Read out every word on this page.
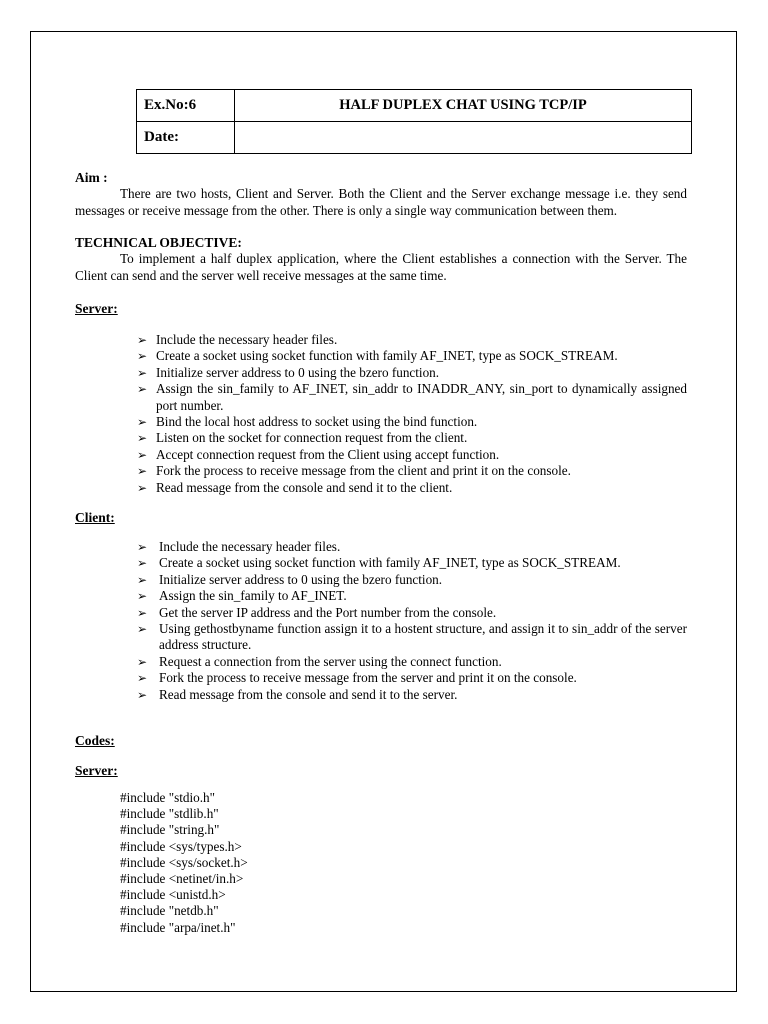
Ex.No:6	HALF DUPLEX CHAT USING TCP/IP
Date:	
Aim :
There are two hosts, Client and Server. Both the Client and the Server exchange message i.e. they send messages or receive message from the other. There is only a single way communication between them.
TECHNICAL OBJECTIVE:
To implement a half duplex application, where the Client establishes a connection with the Server. The Client can send and the server well receive messages at the same time.
Server:
➢ Include the necessary header files.
➢ Create a socket using socket function with family AF_INET, type as SOCK_STREAM.
➢ Initialize server address to 0 using the bzero function.
➢ Assign the sin_family to AF_INET, sin_addr to INADDR_ANY, sin_port to dynamically assigned port number.
➢ Bind the local host address to socket using the bind function.
➢ Listen on the socket for connection request from the client.
➢ Accept connection request from the Client using accept function.
➢ Fork the process to receive message from the client and print it on the console.
➢ Read message from the console and send it to the client.
Client:
➢ Include the necessary header files.
➢ Create a socket using socket function with family AF_INET, type as SOCK_STREAM.
➢ Initialize server address to 0 using the bzero function.
➢ Assign the sin_family to AF_INET.
➢ Get the server IP address and the Port number from the console.
➢ Using gethostbyname function assign it to a hostent structure, and assign it to sin_addr of the server address structure.
➢ Request a connection from the server using the connect function.
➢ Fork the process to receive message from the server and print it on the console.
➢ Read message from the console and send it to the server.
Codes:
Server:
#include "stdio.h"
#include "stdlib.h"
#include "string.h"
#include <sys/types.h>
#include <sys/socket.h>
#include <netinet/in.h>
#include <unistd.h>
#include "netdb.h"
#include "arpa/inet.h"
